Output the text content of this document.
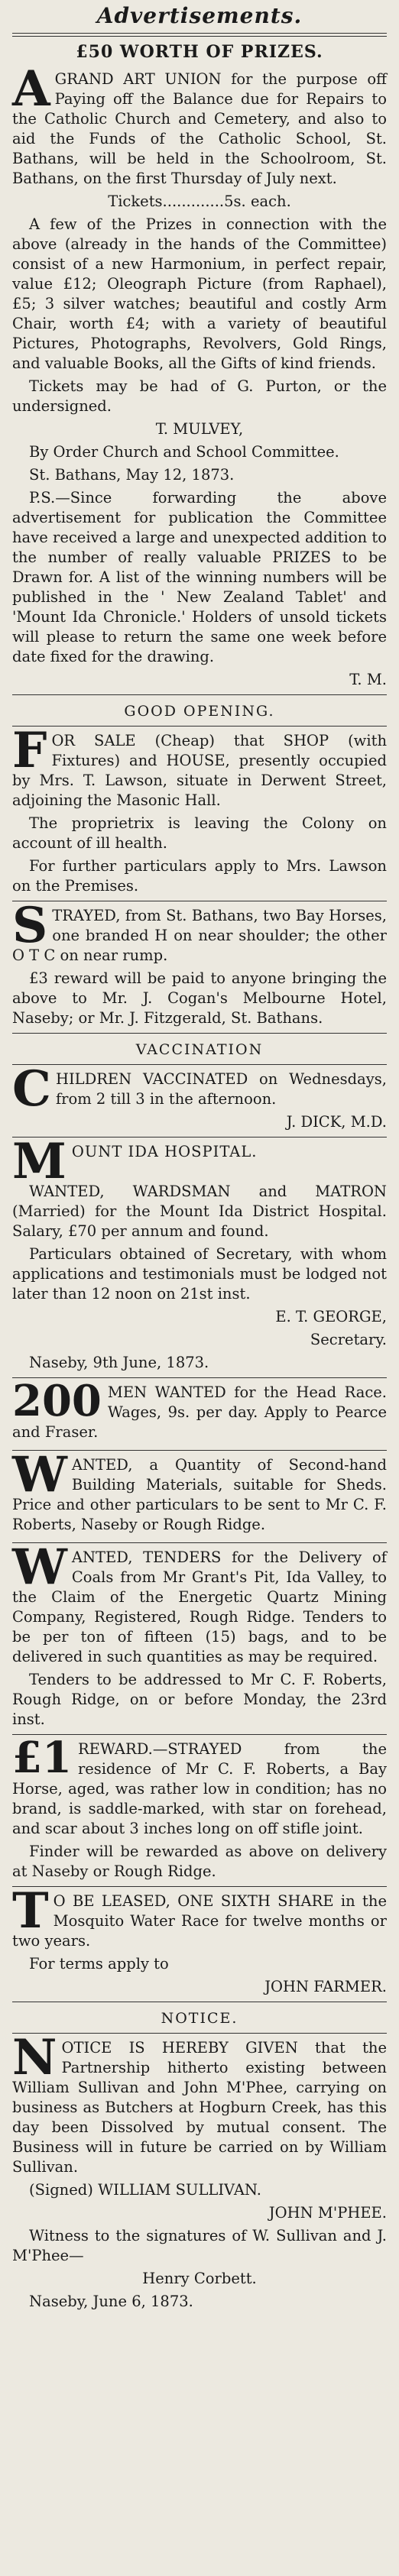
Advertisements.
£50 WORTH OF PRIZES.

AGRAND ART UNION for the purpose off Paying off the Balance due for Repairs to the Catholic Church and Cemetery, and also to aid the Funds of the Catholic School, St. Bathans, will be held in the Schoolroom, St. Bathans, on the first Thursday of July next.

Tickets.............5s. each.

A few of the Prizes in connection with the above (already in the hands of the Committee) consist of a new Harmonium, in perfect repair, value £12; Oleograph Picture (from Raphael), £5; 3 silver watches; beautiful and costly Arm Chair, worth £4; with a variety of beautiful Pictures, Photographs, Revolvers, Gold Rings, and valuable Books, all the Gifts of kind friends.

Tickets may be had of G. Purton, or the undersigned.

T. MULVEY,

By Order Church and School Committee.

St. Bathans, May 12, 1873.

P.S.—Since forwarding the above advertisement for publication the Committee have received a large and unexpected addition to the number of really valuable PRIZES to be Drawn for. A list of the winning numbers will be published in the ' New Zealand Tablet' and 'Mount Ida Chronicle.' Holders of unsold tickets will please to return the same one week before date fixed for the drawing.

T. M.

GOOD OPENING.

FOR SALE (Cheap) that SHOP (with Fixtures) and HOUSE, presently occupied by Mrs. T. Lawson, situate in Derwent Street, adjoining the Masonic Hall.

The proprietrix is leaving the Colony on account of ill health.

For further particulars apply to Mrs. Lawson on the Premises.

STRAYED, from St. Bathans, two Bay Horses, one branded H on near shoulder; the other O T C on near rump.

£3 reward will be paid to anyone bringing the above to Mr. J. Cogan's Melbourne Hotel, Naseby; or Mr. J. Fitzgerald, St. Bathans.

VACCINATION

CHILDREN VACCINATED on Wednesdays, from 2 till 3 in the afternoon.

J. DICK, M.D.

MOUNT IDA HOSPITAL.

WANTED, WARDSMAN and MATRON (Married) for the Mount Ida District Hospital. Salary, £70 per annum and found.

Particulars obtained of Secretary, with whom applications and testimonials must be lodged not later than 12 noon on 21st inst.

E. T. GEORGE,

Secretary.

Naseby, 9th June, 1873.

200 MEN WANTED for the Head Race. Wages, 9s. per day. Apply to Pearce and Fraser.

WANTED, a Quantity of Second-hand Building Materials, suitable for Sheds. Price and other particulars to be sent to Mr C. F. Roberts, Naseby or Rough Ridge.

WANTED, TENDERS for the Delivery of Coals from Mr Grant's Pit, Ida Valley, to the Claim of the Energetic Quartz Mining Company, Registered, Rough Ridge. Tenders to be per ton of fifteen (15) bags, and to be delivered in such quantities as may be required.

Tenders to be addressed to Mr C. F. Roberts, Rough Ridge, on or before Monday, the 23rd inst.

£1 REWARD.—STRAYED from the residence of Mr C. F. Roberts, a Bay Horse, aged, was rather low in condition; has no brand, is saddle-marked, with star on forehead, and scar about 3 inches long on off stifle joint.

Finder will be rewarded as above on delivery at Naseby or Rough Ridge.

T O BE LEASED, ONE SIXTH SHARE in the Mosquito Water Race for twelve months or two years.

For terms apply to

JOHN FARMER.

NOTICE.

NOTICE IS HEREBY GIVEN that the Partnership hitherto existing between William Sullivan and John M'Phee, carrying on business as Butchers at Hogburn Creek, has this day been Dissolved by mutual consent. The Business will in future be carried on by William Sullivan.

(Signed) WILLIAM SULLIVAN.

JOHN M'PHEE.

Witness to the signatures of W. Sullivan and J. M'Phee—

Henry Corbett.

Naseby, June 6, 1873.
